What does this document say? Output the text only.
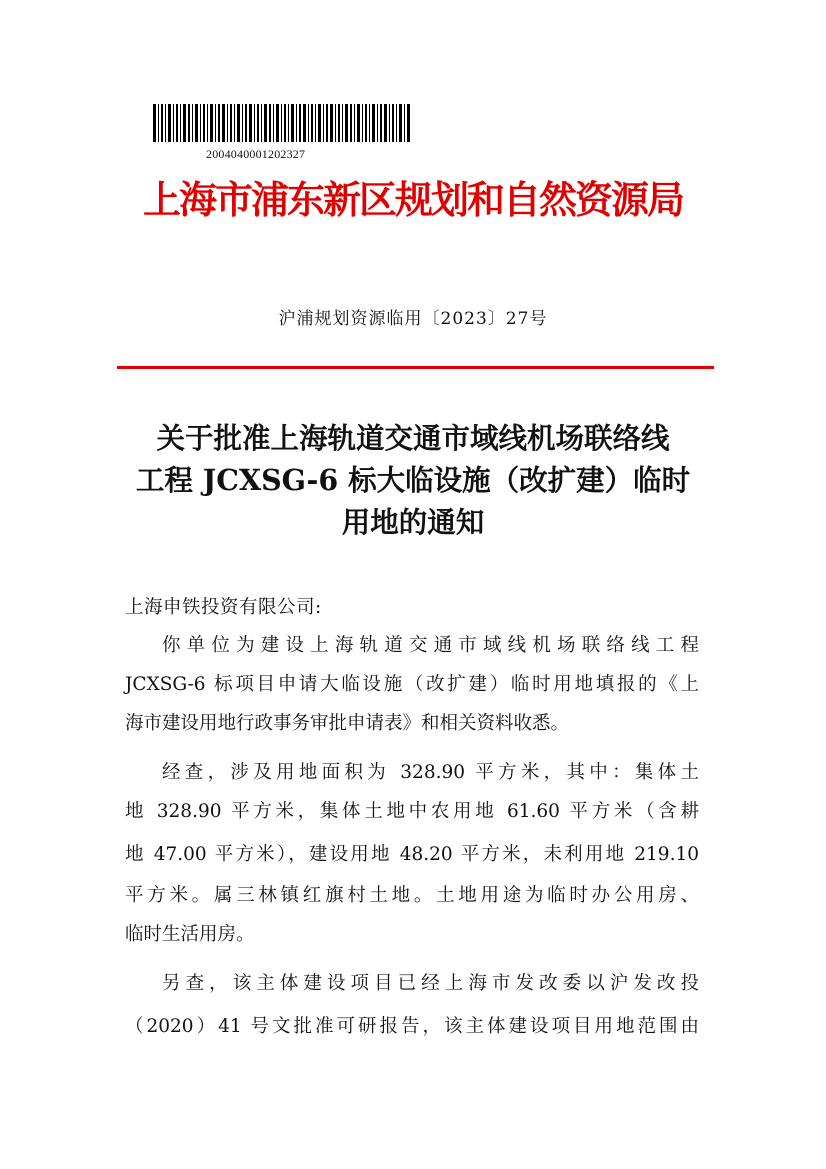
2004040001202327
上海市浦东新区规划和自然资源局
沪浦规划资源临用〔2023〕27号
关于批准上海轨道交通市域线机场联络线
工程 JCXSG-6 标大临设施（改扩建）临时
用地的通知
上海申铁投资有限公司:
你单位为建设上海轨道交通市域线机场联络线工程
JCXSG-6 标项目申请大临设施（改扩建）临时用地填报的《上
海市建设用地行政事务审批申请表》和相关资料收悉。
经查，涉及用地面积为 328.90 平方米，其中：集体土
地 328.90 平方米，集体土地中农用地 61.60 平方米（含耕
地 47.00 平方米），建设用地 48.20 平方米，未利用地 219.10
平方米。属三林镇红旗村土地。土地用途为临时办公用房、
临时生活用房。
另查，该主体建设项目已经上海市发改委以沪发改投
（2020）41 号文批准可研报告，该主体建设项目用地范围由
